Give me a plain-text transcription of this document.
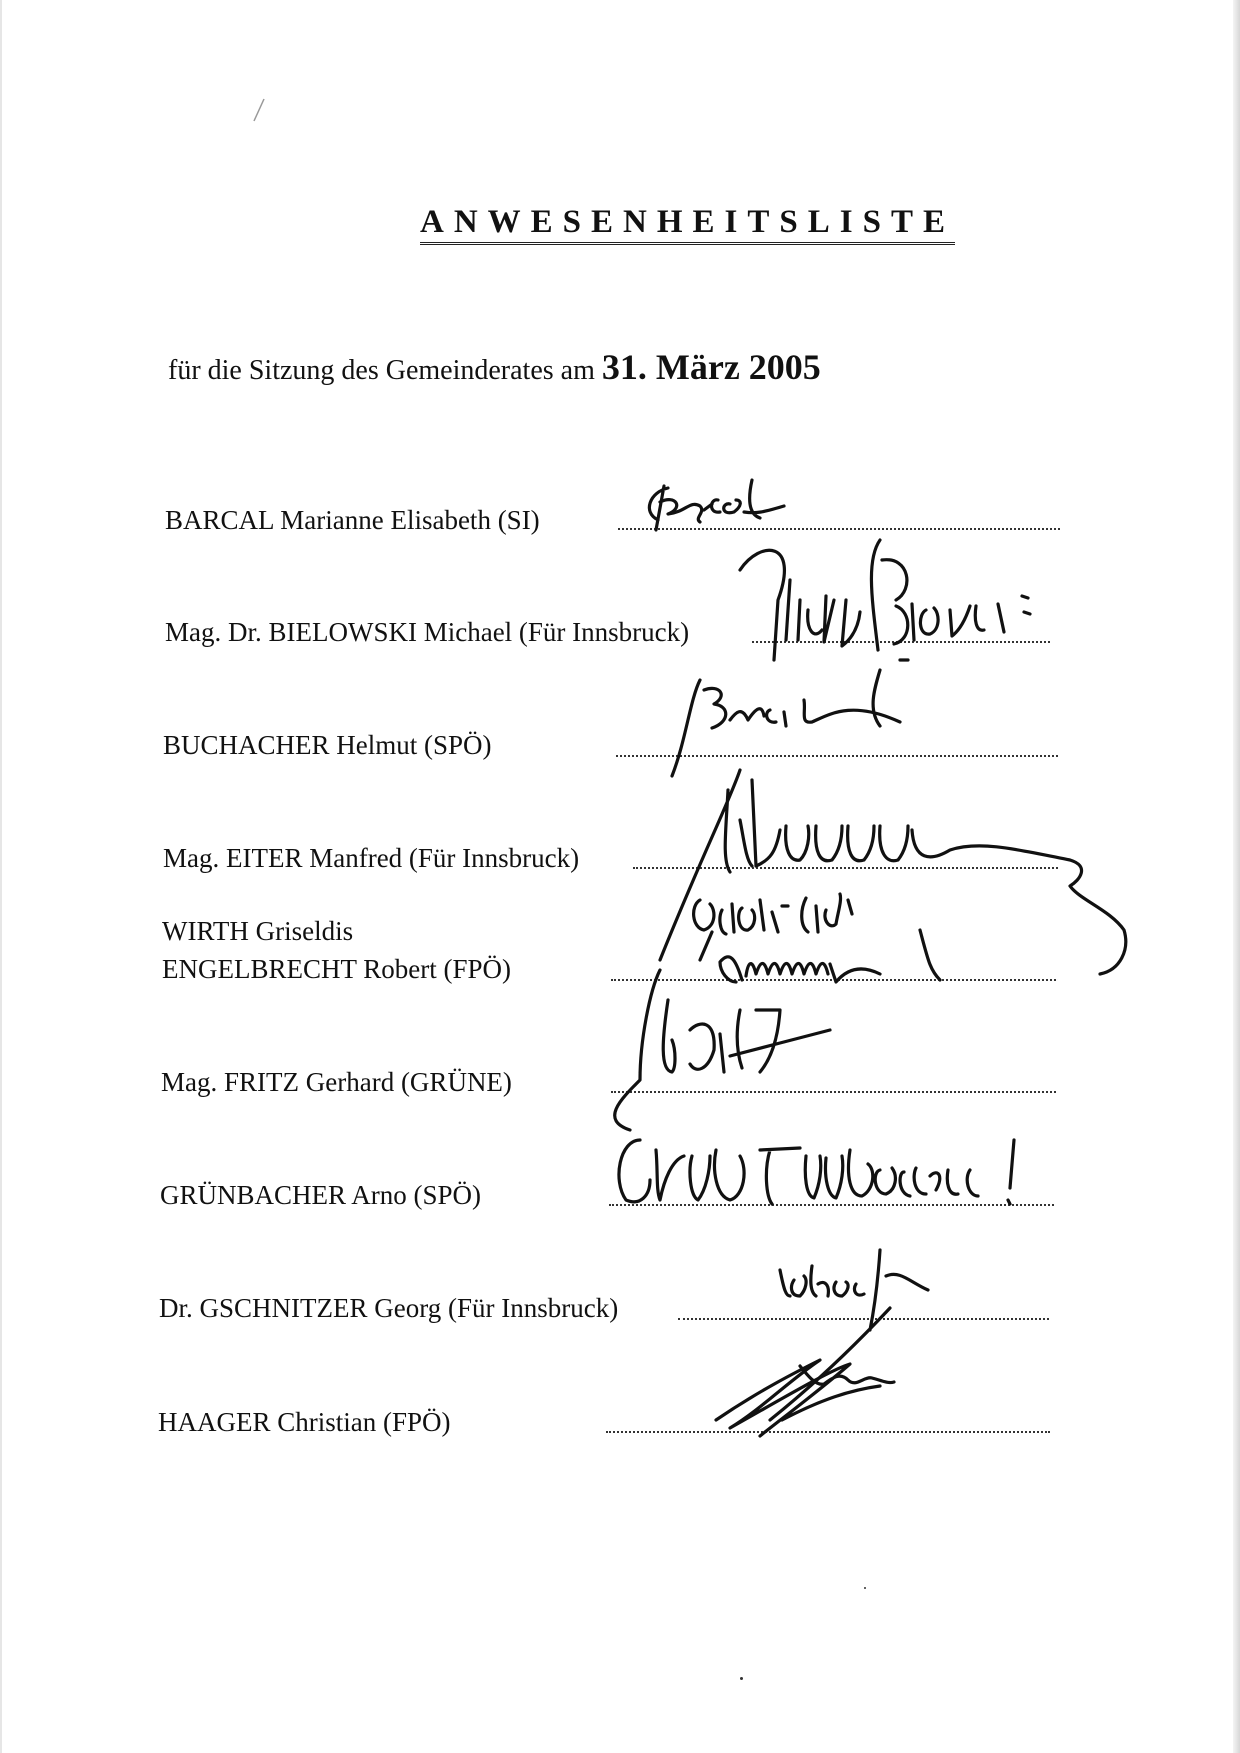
ANWESENHEITSLISTE
für die Sitzung des Gemeinderates am 31. März 2005
BARCAL Marianne Elisabeth (SI)
Mag. Dr. BIELOWSKI Michael (Für Innsbruck)
BUCHACHER Helmut (SPÖ)
Mag. EITER Manfred (Für Innsbruck)
WIRTH Griseldis
ENGELBRECHT Robert (FPÖ)
Mag. FRITZ Gerhard (GRÜNE)
GRÜNBACHER Arno (SPÖ)
Dr. GSCHNITZER Georg (Für Innsbruck)
HAAGER Christian (FPÖ)
